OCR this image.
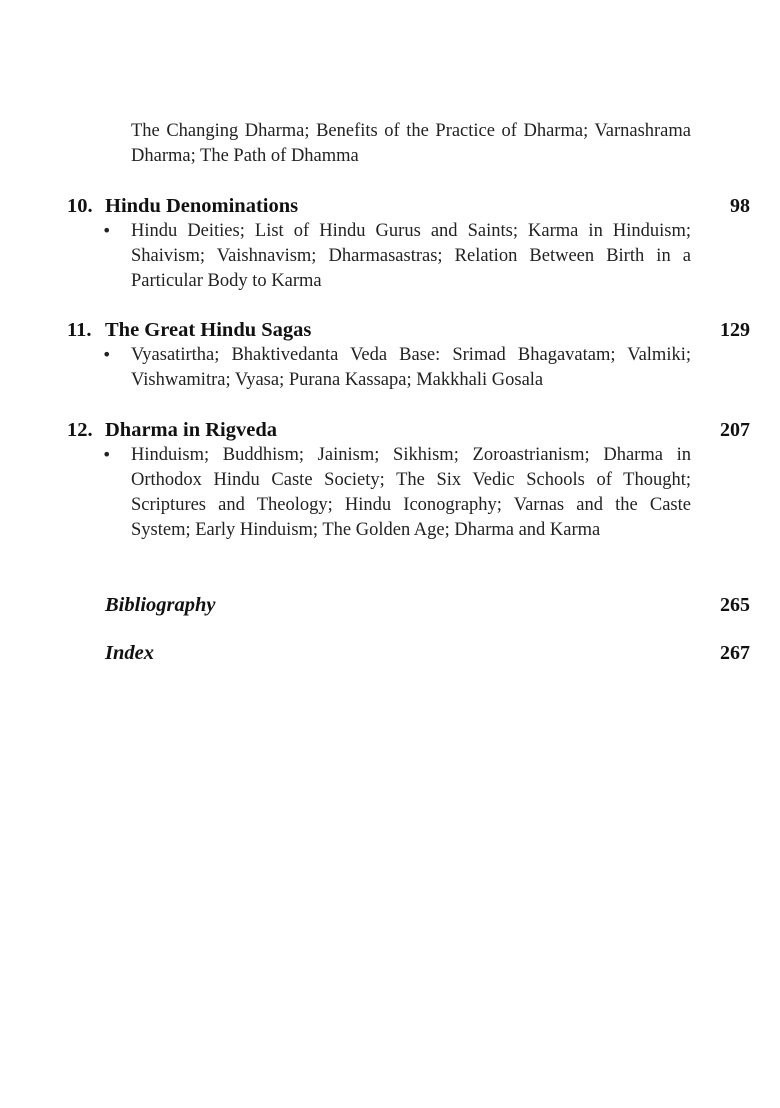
The Changing Dharma; Benefits of the Practice of Dharma; Varnashrama Dharma; The Path of Dhamma
10. Hindu Denominations	98
• Hindu Deities; List of Hindu Gurus and Saints; Karma in Hinduism; Shaivism; Vaishnavism; Dharmasastras; Relation Between Birth in a Particular Body to Karma
11. The Great Hindu Sagas	129
• Vyasatirtha; Bhaktivedanta Veda Base: Srimad Bhagavatam; Valmiki; Vishwamitra; Vyasa; Purana Kassapa; Makkhali Gosala
12. Dharma in Rigveda	207
• Hinduism; Buddhism; Jainism; Sikhism; Zoroastrianism; Dharma in Orthodox Hindu Caste Society; The Six Vedic Schools of Thought; Scriptures and Theology; Hindu Iconography; Varnas and the Caste System; Early Hinduism; The Golden Age; Dharma and Karma
Bibliography	265
Index	267
